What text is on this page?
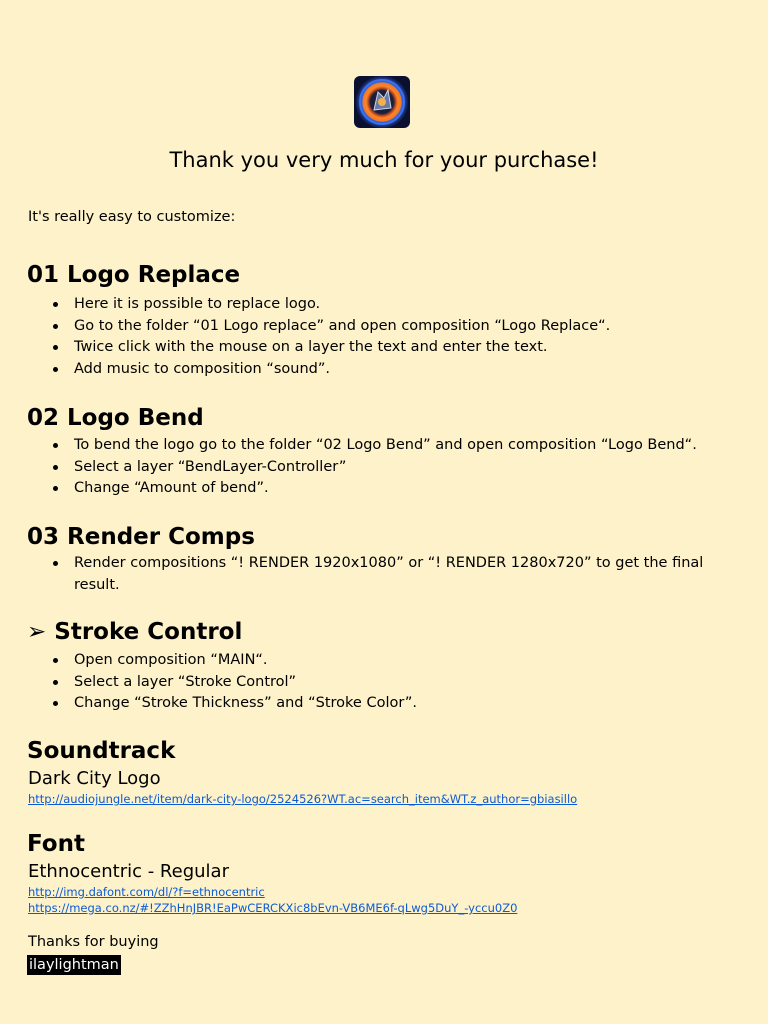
Thank you very much for your purchase!

It's really easy to customize:

01 Logo Replace
Here it is possible to replace logo.
Go to the folder “01 Logo replace” and open composition “Logo Replace“.
Twice click with the mouse on a layer the text and enter the text.
Add music to composition “sound”.
02 Logo Bend
To bend the logo go to the folder “02 Logo Bend” and open composition “Logo Bend“.
Select a layer “BendLayer-Controller”
Change “Amount of bend”.
03 Render Comps
Render compositions “! RENDER 1920x1080” or “! RENDER 1280x720” to get the final result.
➢ Stroke Control
Open composition “MAIN“.
Select a layer “Stroke Control”
Change “Stroke Thickness” and “Stroke Color”.
Soundtrack

Dark City Logo

http://audiojungle.net/item/dark-city-logo/2524526?WT.ac=search_item&WT.z_author=gbiasillo
Font

Ethnocentric - Regular

http://img.dafont.com/dl/?f=ethnocentric
https://mega.co.nz/#!ZZhHnJBR!EaPwCERCKXic8bEvn-VB6ME6f-qLwg5DuY_-yccu0Z0

Thanks for buying

ilaylightman
